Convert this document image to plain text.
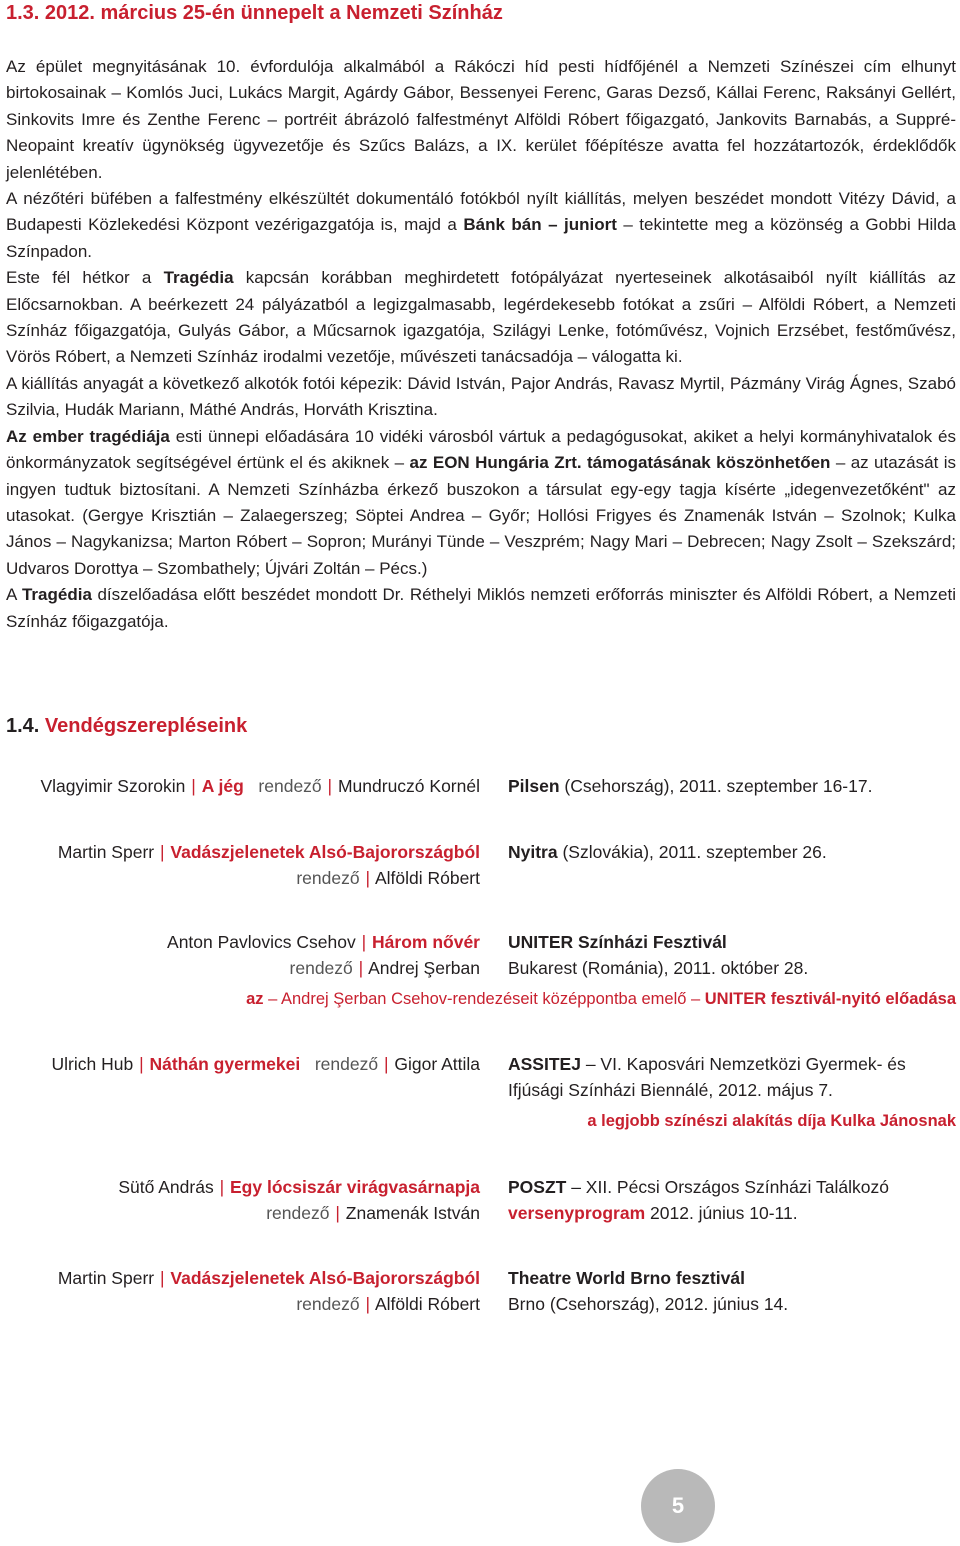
1.3. 2012. március 25-én ünnepelt a Nemzeti Színház

Az épület megnyitásának 10. évfordulója alkalmából a Rákóczi híd pesti hídfőjénél a Nemzeti Színészei cím elhunyt birtokosainak – Komlós Juci, Lukács Margit, Agárdy Gábor, Bessenyei Ferenc, Garas Dezső, Kállai Ferenc, Raksányi Gellért, Sinkovits Imre és Zenthe Ferenc – portréit ábrázoló falfestményt Alföldi Róbert főigazgató, Jankovits Barnabás, a Suppré-Neopaint kreatív ügynökség ügyvezetője és Szűcs Balázs, a IX. kerület főépítésze avatta fel hozzátartozók, érdeklődők jelenlétében.

A nézőtéri büfében a falfestmény elkészültét dokumentáló fotókból nyílt kiállítás, melyen beszédet mondott Vitézy Dávid, a Budapesti Közlekedési Központ vezérigazgatója is, majd a Bánk bán – juniort – tekintette meg a közönség a Gobbi Hilda Színpadon.

Este fél hétkor a Tragédia kapcsán korábban meghirdetett fotópályázat nyerteseinek alkotásaiból nyílt kiállítás az Előcsarnokban. A beérkezett 24 pályázatból a legizgalmasabb, legérdekesebb fotókat a zsűri – Alföldi Róbert, a Nemzeti Színház főigazgatója, Gulyás Gábor, a Műcsarnok igazgatója, Szilágyi Lenke, fotóművész, Vojnich Erzsébet, festőművész, Vörös Róbert, a Nemzeti Színház irodalmi vezetője, művészeti tanácsadója – válogatta ki.

A kiállítás anyagát a következő alkotók fotói képezik: Dávid István, Pajor András, Ravasz Myrtil, Pázmány Virág Ágnes, Szabó Szilvia, Hudák Mariann, Máthé András, Horváth Krisztina.

Az ember tragédiája esti ünnepi előadására 10 vidéki városból vártuk a pedagógusokat, akiket a helyi kormányhivatalok és önkormányzatok segítségével értünk el és akiknek – az EON Hungária Zrt. támogatásának köszönhetően – az utazását is ingyen tudtuk biztosítani. A Nemzeti Színházba érkező buszokon a társulat egy-egy tagja kísérte „idegenvezetőként" az utasokat. (Gergye Krisztián – Zalaegerszeg; Söptei Andrea – Győr; Hollósi Frigyes és Znamenák István – Szolnok; Kulka János – Nagykanizsa; Marton Róbert – Sopron; Murányi Tünde – Veszprém; Nagy Mari – Debrecen; Nagy Zsolt – Szekszárd; Udvaros Dorottya – Szombathely; Újvári Zoltán – Pécs.)

A Tragédia díszelőadása előtt beszédet mondott Dr. Réthelyi Miklós nemzeti erőforrás miniszter és Alföldi Róbert, a Nemzeti Színház főigazgatója.

1.4. Vendégszerepléseink
Vlagyimir Szorokin | A jég rendező | Mundruczó Kornél Pilsen (Csehország), 2011. szeptember 16-17.
Martin Sperr | Vadászjelenetek Alsó-Bajorországból
rendező | Alföldi Róbert
Nyitra (Szlovákia), 2011. szeptember 26.
Anton Pavlovics Csehov | Három nővér
rendező | Andrej Şerban
UNITER Színházi Fesztivál
Bukarest (Románia), 2011. október 28.
az – Andrej Şerban Csehov-rendezéseit középpontba emelő – UNITER fesztivál-nyitó előadása
Ulrich Hub | Náthán gyermekei rendező | Gigor Attila ASSITEJ – VI. Kaposvári Nemzetközi Gyermek- és
Ifjúsági Színházi Biennálé, 2012. május 7.
a legjobb színészi alakítás díja Kulka Jánosnak
Sütő András | Egy lócsiszár virágvasárnapja
rendező | Znamenák István
POSZT – XII. Pécsi Országos Színházi Találkozó
versenyprogram 2012. június 10-11.
Martin Sperr | Vadászjelenetek Alsó-Bajorországból
rendező | Alföldi Róbert
Theatre World Brno fesztivál
Brno (Csehország), 2012. június 14.
5
